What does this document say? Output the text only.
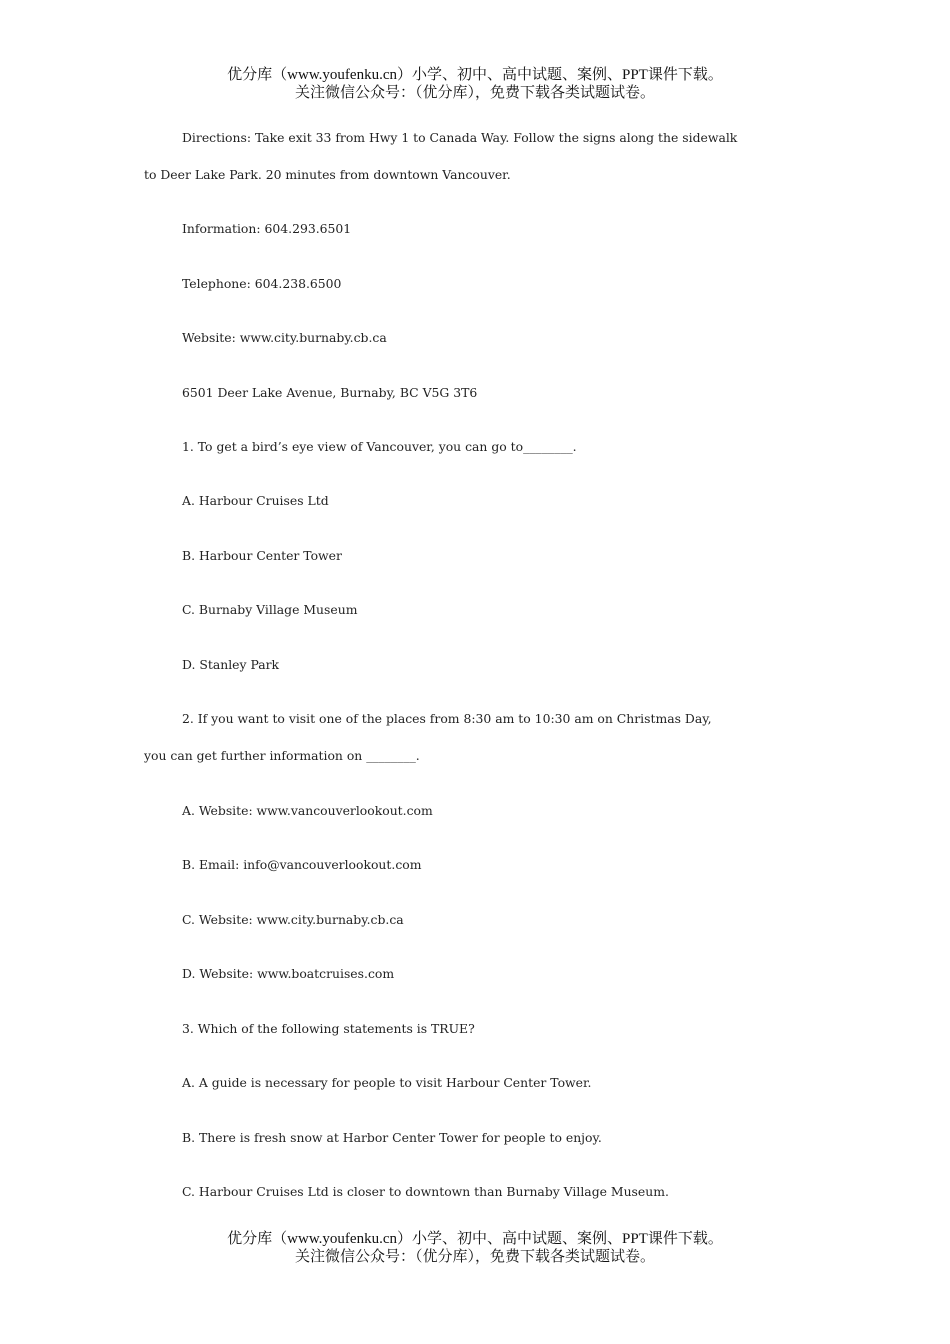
优分库（www.youfenku.cn）小学、初中、高中试题、案例、PPT课件下载。
关注微信公众号：（优分库），免费下载各类试题试卷。
Directions: Take exit 33 from Hwy 1 to Canada Way. Follow the signs along the sidewalk
to Deer Lake Park. 20 minutes from downtown Vancouver.
Information: 604.293.6501
Telephone: 604.238.6500
Website: www.city.burnaby.cb.ca
6501 Deer Lake Avenue, Burnaby, BC V5G 3T6
1. To get a bird’s eye view of Vancouver, you can go to________.
A. Harbour Cruises Ltd
B. Harbour Center Tower
C. Burnaby Village Museum
D. Stanley Park
2. If you want to visit one of the places from 8:30 am to 10:30 am on Christmas Day,
you can get further information on ________.
A. Website: www.vancouverlookout.com
B. Email: info@vancouverlookout.com
C. Website: www.city.burnaby.cb.ca
D. Website: www.boatcruises.com
3. Which of the following statements is TRUE?
A. A guide is necessary for people to visit Harbour Center Tower.
B. There is fresh snow at Harbor Center Tower for people to enjoy.
C. Harbour Cruises Ltd is closer to downtown than Burnaby Village Museum.
优分库（www.youfenku.cn）小学、初中、高中试题、案例、PPT课件下载。
关注微信公众号：（优分库），免费下载各类试题试卷。
